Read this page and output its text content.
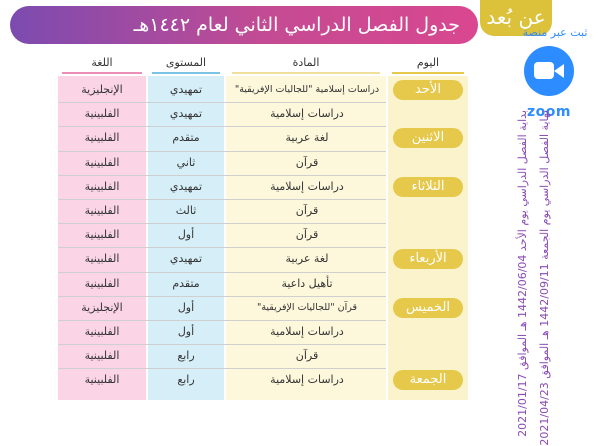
جدول الفصل الدراسي الثاني لعام ١٤٤٢هـ	عن بُعد
ثبت عبر منصة
zoom
بداية الفصل الدراسي يوم الأحد 1442/06/04 هـ الموافق 2021/01/17
نهاية الفصل الدراسي يوم الجمعة 1442/09/11 هـ الموافق 2021/04/23
اليوم
المادة
المستوى
اللغة
الأحد
دراسات إسلامية "للجاليات الإفريقية"
تمهيدي
الإنجليزية
دراسات إسلامية
تمهيدي
الفلبينية
الاثنين
لغة عربية
متقدم
الفلبينية
قرآن
ثاني
الفلبينية
الثلاثاء
دراسات إسلامية
تمهيدي
الفلبينية
قرآن
ثالث
الفلبينية
قرآن
أول
الفلبينية
الأربعاء
لغة عربية
تمهيدي
الفلبينية
تأهيل داعية
متقدم
الفلبينية
الخميس
قرآن "للجاليات الإفريقية"
أول
الإنجليزية
دراسات إسلامية
أول
الفلبينية
قرآن
رابع
الفلبينية
الجمعة
دراسات إسلامية
رابع
الفلبينية
